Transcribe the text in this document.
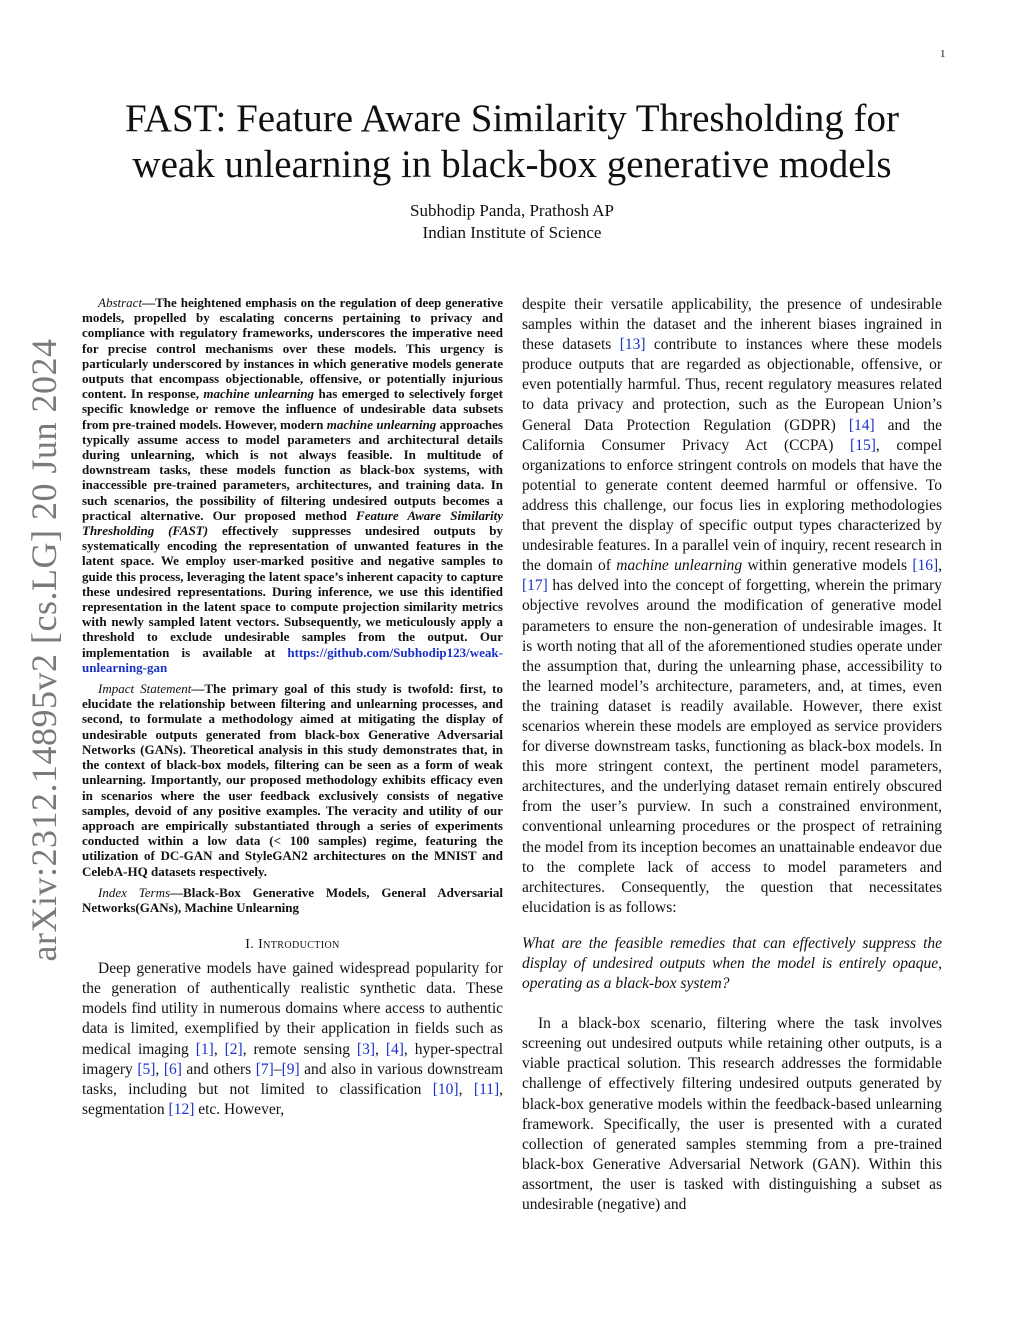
1
arXiv:2312.14895v2 [cs.LG] 20 Jun 2024
FAST: Feature Aware Similarity Thresholding for
weak unlearning in black-box generative models
Subhodip Panda, Prathosh AP
Indian Institute of Science

Abstract—The heightened emphasis on the regulation of deep generative models, propelled by escalating concerns pertaining to privacy and compliance with regulatory frameworks, underscores the imperative need for precise control mechanisms over these models. This urgency is particularly underscored by instances in which generative models generate outputs that encompass objectionable, offensive, or potentially injurious content. In response, machine unlearning has emerged to selectively forget specific knowledge or remove the influence of undesirable data subsets from pre-trained models. However, modern machine unlearning approaches typically assume access to model parameters and architectural details during unlearning, which is not always feasible. In multitude of downstream tasks, these models function as black-box systems, with inaccessible pre-trained parameters, architectures, and training data. In such scenarios, the possibility of filtering undesired outputs becomes a practical alternative. Our proposed method Feature Aware Similarity Thresholding (FAST) effectively suppresses undesired outputs by systematically encoding the representation of unwanted features in the latent space. We employ user-marked positive and negative samples to guide this process, leveraging the latent space’s inherent capacity to capture these undesired representations. During inference, we use this identified representation in the latent space to compute projection similarity metrics with newly sampled latent vectors. Subsequently, we meticulously apply a threshold to exclude undesirable samples from the output. Our implementation is available at https://github.com/Subhodip123/weak-unlearning-gan

Impact Statement—The primary goal of this study is twofold: first, to elucidate the relationship between filtering and unlearning processes, and second, to formulate a methodology aimed at mitigating the display of undesirable outputs generated from black-box Generative Adversarial Networks (GANs). Theoretical analysis in this study demonstrates that, in the context of black-box models, filtering can be seen as a form of weak unlearning. Importantly, our proposed methodology exhibits efficacy even in scenarios where the user feedback exclusively consists of negative samples, devoid of any positive examples. The veracity and utility of our approach are empirically substantiated through a series of experiments conducted within a low data (< 100 samples) regime, featuring the utilization of DC-GAN and StyleGAN2 architectures on the MNIST and CelebA-HQ datasets respectively.

Index Terms—Black-Box Generative Models, General Adversarial Networks(GANs), Machine Unlearning

I. Introduction

Deep generative models have gained widespread popularity for the generation of authentically realistic synthetic data. These models find utility in numerous domains where access to authentic data is limited, exemplified by their application in fields such as medical imaging [1], [2], remote sensing [3], [4], hyper-spectral imagery [5], [6] and others [7]–[9] and also in various downstream tasks, including but not limited to classification [10], [11], segmentation [12] etc. However,

despite their versatile applicability, the presence of undesirable samples within the dataset and the inherent biases ingrained in these datasets [13] contribute to instances where these models produce outputs that are regarded as objectionable, offensive, or even potentially harmful. Thus, recent regulatory measures related to data privacy and protection, such as the European Union’s General Data Protection Regulation (GDPR) [14] and the California Consumer Privacy Act (CCPA) [15], compel organizations to enforce stringent controls on models that have the potential to generate content deemed harmful or offensive. To address this challenge, our focus lies in exploring methodologies that prevent the display of specific output types characterized by undesirable features. In a parallel vein of inquiry, recent research in the domain of machine unlearning within generative models [16], [17] has delved into the concept of forgetting, wherein the primary objective revolves around the modification of generative model parameters to ensure the non-generation of undesirable images. It is worth noting that all of the aforementioned studies operate under the assumption that, during the unlearning phase, accessibility to the learned model’s architecture, parameters, and, at times, even the training dataset is readily available. However, there exist scenarios wherein these models are employed as service providers for diverse downstream tasks, functioning as black-box models. In this more stringent context, the pertinent model parameters, architectures, and the underlying dataset remain entirely obscured from the user’s purview. In such a constrained environment, conventional unlearning procedures or the prospect of retraining the model from its inception becomes an unattainable endeavor due to the complete lack of access to model parameters and architectures. Consequently, the question that necessitates elucidation is as follows:

What are the feasible remedies that can effectively suppress the display of undesired outputs when the model is entirely opaque, operating as a black-box system?

In a black-box scenario, filtering where the task involves screening out undesired outputs while retaining other outputs, is a viable practical solution. This research addresses the formidable challenge of effectively filtering undesired outputs generated by black-box generative models within the feedback-based unlearning framework. Specifically, the user is presented with a curated collection of generated samples stemming from a pre-trained black-box Generative Adversarial Network (GAN). Within this assortment, the user is tasked with distinguishing a subset as undesirable (negative) and
